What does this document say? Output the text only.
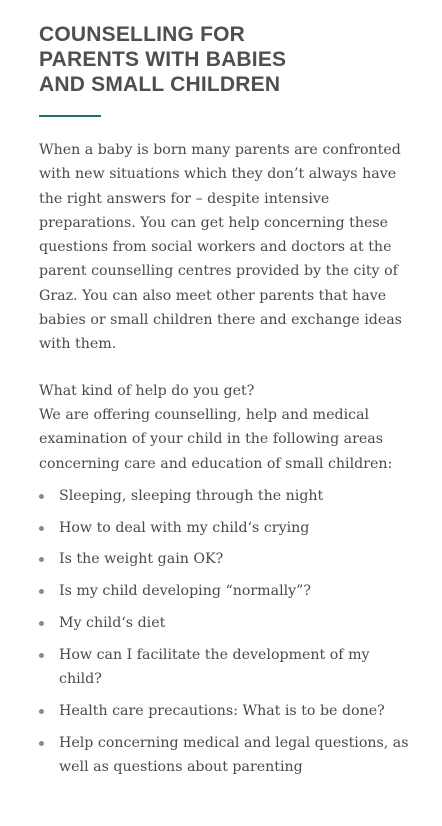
COUNSELLING FOR
PARENTS WITH BABIES
AND SMALL CHILDREN

When a baby is born many parents are confronted with new situations which they don’t always have the right answers for – despite intensive preparations. You can get help concerning these questions from social workers and doctors at the parent counselling centres provided by the city of Graz. You can also meet other parents that have babies or small children there and exchange ideas with them.

What kind of help do you get?

We are offering counselling, help and medical examination of your child in the following areas concerning care and education of small children:

Sleeping, sleeping through the night
How to deal with my child‘s crying
Is the weight gain OK?
Is my child developing “normally”?
My child‘s diet
How can I facilitate the development of my child?
Health care precautions: What is to be done?
Help concerning medical and legal questions, as well as questions about parenting
